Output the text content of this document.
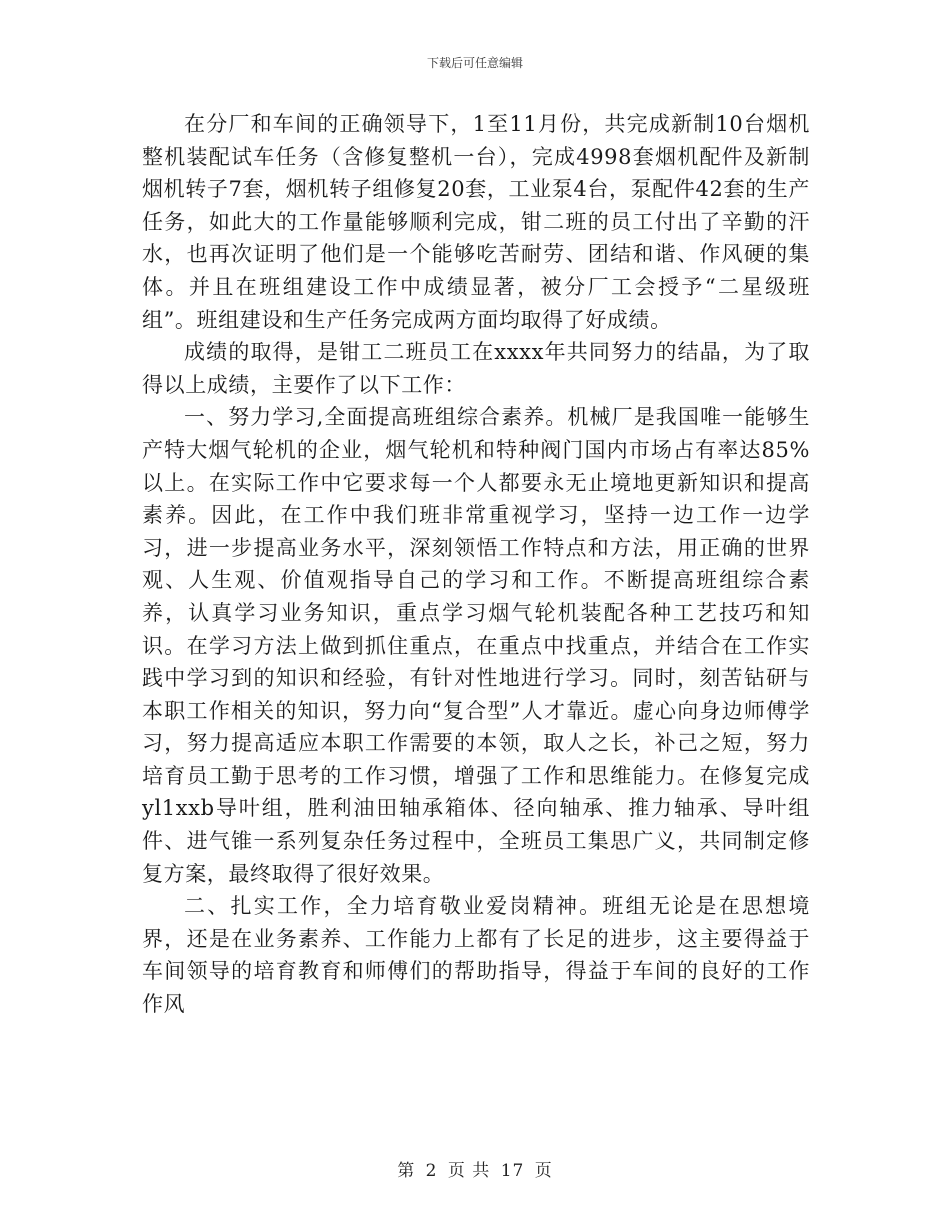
下载后可任意编辑

在分厂和车间的正确领导下，1至11月份，共完成新制10台烟机整机装配试车任务（含修复整机一台），完成4998套烟机配件及新制烟机转子7套，烟机转子组修复20套，工业泵4台，泵配件42套的生产任务，如此大的工作量能够顺利完成，钳二班的员工付出了辛勤的汗水，也再次证明了他们是一个能够吃苦耐劳、团结和谐、作风硬的集体。并且在班组建设工作中成绩显著，被分厂工会授予“二星级班组”。班组建设和生产任务完成两方面均取得了好成绩。

成绩的取得，是钳工二班员工在xxxx年共同努力的结晶，为了取得以上成绩，主要作了以下工作：

一、努力学习,全面提高班组综合素养。机械厂是我国唯一能够生产特大烟气轮机的企业，烟气轮机和特种阀门国内市场占有率达85%以上。在实际工作中它要求每一个人都要永无止境地更新知识和提高素养。因此，在工作中我们班非常重视学习，坚持一边工作一边学习，进一步提高业务水平，深刻领悟工作特点和方法，用正确的世界观、人生观、价值观指导自己的学习和工作。不断提高班组综合素养，认真学习业务知识，重点学习烟气轮机装配各种工艺技巧和知识。在学习方法上做到抓住重点，在重点中找重点，并结合在工作实践中学习到的知识和经验，有针对性地进行学习。同时，刻苦钻研与本职工作相关的知识，努力向“复合型”人才靠近。虚心向身边师傅学习，努力提高适应本职工作需要的本领，取人之长，补己之短，努力培育员工勤于思考的工作习惯，增强了工作和思维能力。在修复完成yl1xxb导叶组，胜利油田轴承箱体、径向轴承、推力轴承、导叶组件、进气锥一系列复杂任务过程中，全班员工集思广义，共同制定修复方案，最终取得了很好效果。

二、扎实工作，全力培育敬业爱岗精神。班组无论是在思想境界，还是在业务素养、工作能力上都有了长足的进步，这主要得益于车间领导的培育教育和师傅们的帮助指导，得益于车间的良好的工作作风

第 2 页 共 17 页
